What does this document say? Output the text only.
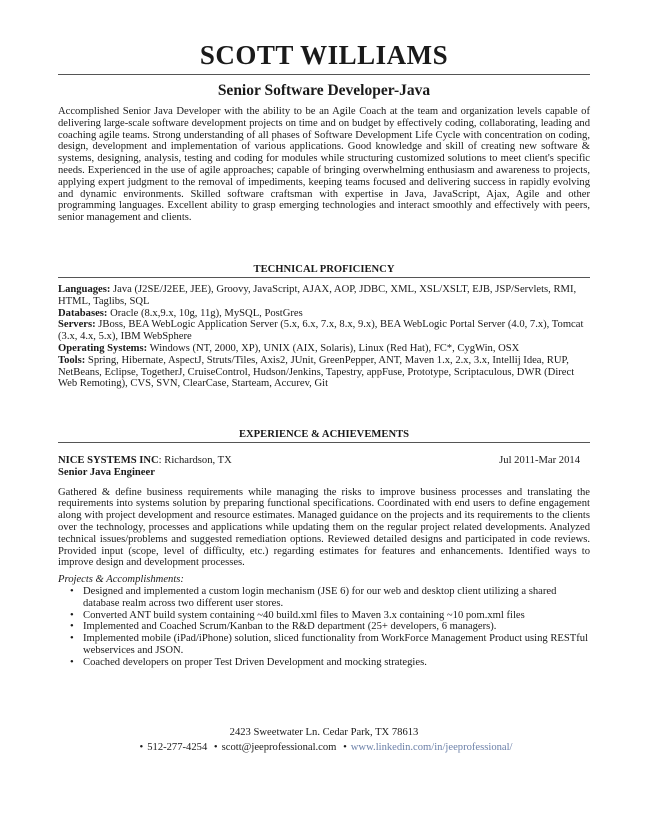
SCOTT WILLIAMS
Senior Software Developer-Java

Accomplished Senior Java Developer with the ability to be an Agile Coach at the team and organization levels capable of delivering large-scale software development projects on time and on budget by effectively coding, collaborating, leading and coaching agile teams. Strong understanding of all phases of Software Development Life Cycle with concentration on coding, design, development and implementation of various applications. Good knowledge and skill of creating new software & systems, designing, analysis, testing and coding for modules while structuring customized solutions to meet client's specific needs. Experienced in the use of agile approaches; capable of bringing overwhelming enthusiasm and awareness to projects, applying expert judgment to the removal of impediments, keeping teams focused and delivering success in rapidly evolving and dynamic environments. Skilled software craftsman with expertise in Java, JavaScript, Ajax, Agile and other programming languages. Excellent ability to grasp emerging technologies and interact smoothly and effectively with peers, senior management and clients.

TECHNICAL PROFICIENCY

Languages: Java (J2SE/J2EE, JEE), Groovy, JavaScript, AJAX, AOP, JDBC, XML, XSL/XSLT, EJB, JSP/Servlets, RMI, HTML, Taglibs, SQL

Databases: Oracle (8.x,9.x, 10g, 11g), MySQL, PostGres

Servers: JBoss, BEA WebLogic Application Server (5.x, 6.x, 7.x, 8.x, 9.x), BEA WebLogic Portal Server (4.0, 7.x), Tomcat (3.x, 4.x, 5.x), IBM WebSphere

Operating Systems: Windows (NT, 2000, XP), UNIX (AIX, Solaris), Linux (Red Hat), FC*, CygWin, OSX

Tools: Spring, Hibernate, AspectJ, Struts/Tiles, Axis2, JUnit, GreenPepper, ANT, Maven 1.x, 2.x, 3.x, Intellij Idea, RUP, NetBeans, Eclipse, TogetherJ, CruiseControl, Hudson/Jenkins, Tapestry, appFuse, Prototype, Scriptaculous, DWR (Direct Web Remoting), CVS, SVN, ClearCase, Starteam, Accurev, Git

EXPERIENCE & ACHIEVEMENTS
NICE SYSTEMS INC: Richardson, TX	Jul 2011-Mar 2014
Senior Java Engineer

Gathered & define business requirements while managing the risks to improve business processes and translating the requirements into systems solution by preparing functional specifications. Coordinated with end users to define engagement along with project development and resource estimates. Managed guidance on the projects and its requirements to the clients over the technology, processes and applications while updating them on the regular project related developments. Analyzed technical issues/problems and suggested remediation options. Reviewed detailed designs and participated in code reviews. Provided input (scope, level of difficulty, etc.) regarding estimates for features and enhancements. Identified ways to improve design and development processes.

Projects & Accomplishments:

• Designed and implemented a custom login mechanism (JSE 6) for our web and desktop client utilizing a shared database realm across two different user stores.
• Converted ANT build system containing ~40 build.xml files to Maven 3.x containing ~10 pom.xml files
• Implemented and Coached Scrum/Kanban to the R&D department (25+ developers, 6 managers).
• Implemented mobile (iPad/iPhone) solution, sliced functionality from WorkForce Management Product using RESTful webservices and JSON.
• Coached developers on proper Test Driven Development and mocking strategies.
2423 Sweetwater Ln. Cedar Park, TX 78613
• 512-277-4254 • scott@jeeprofessional.com • www.linkedin.com/in/jeeprofessional/
